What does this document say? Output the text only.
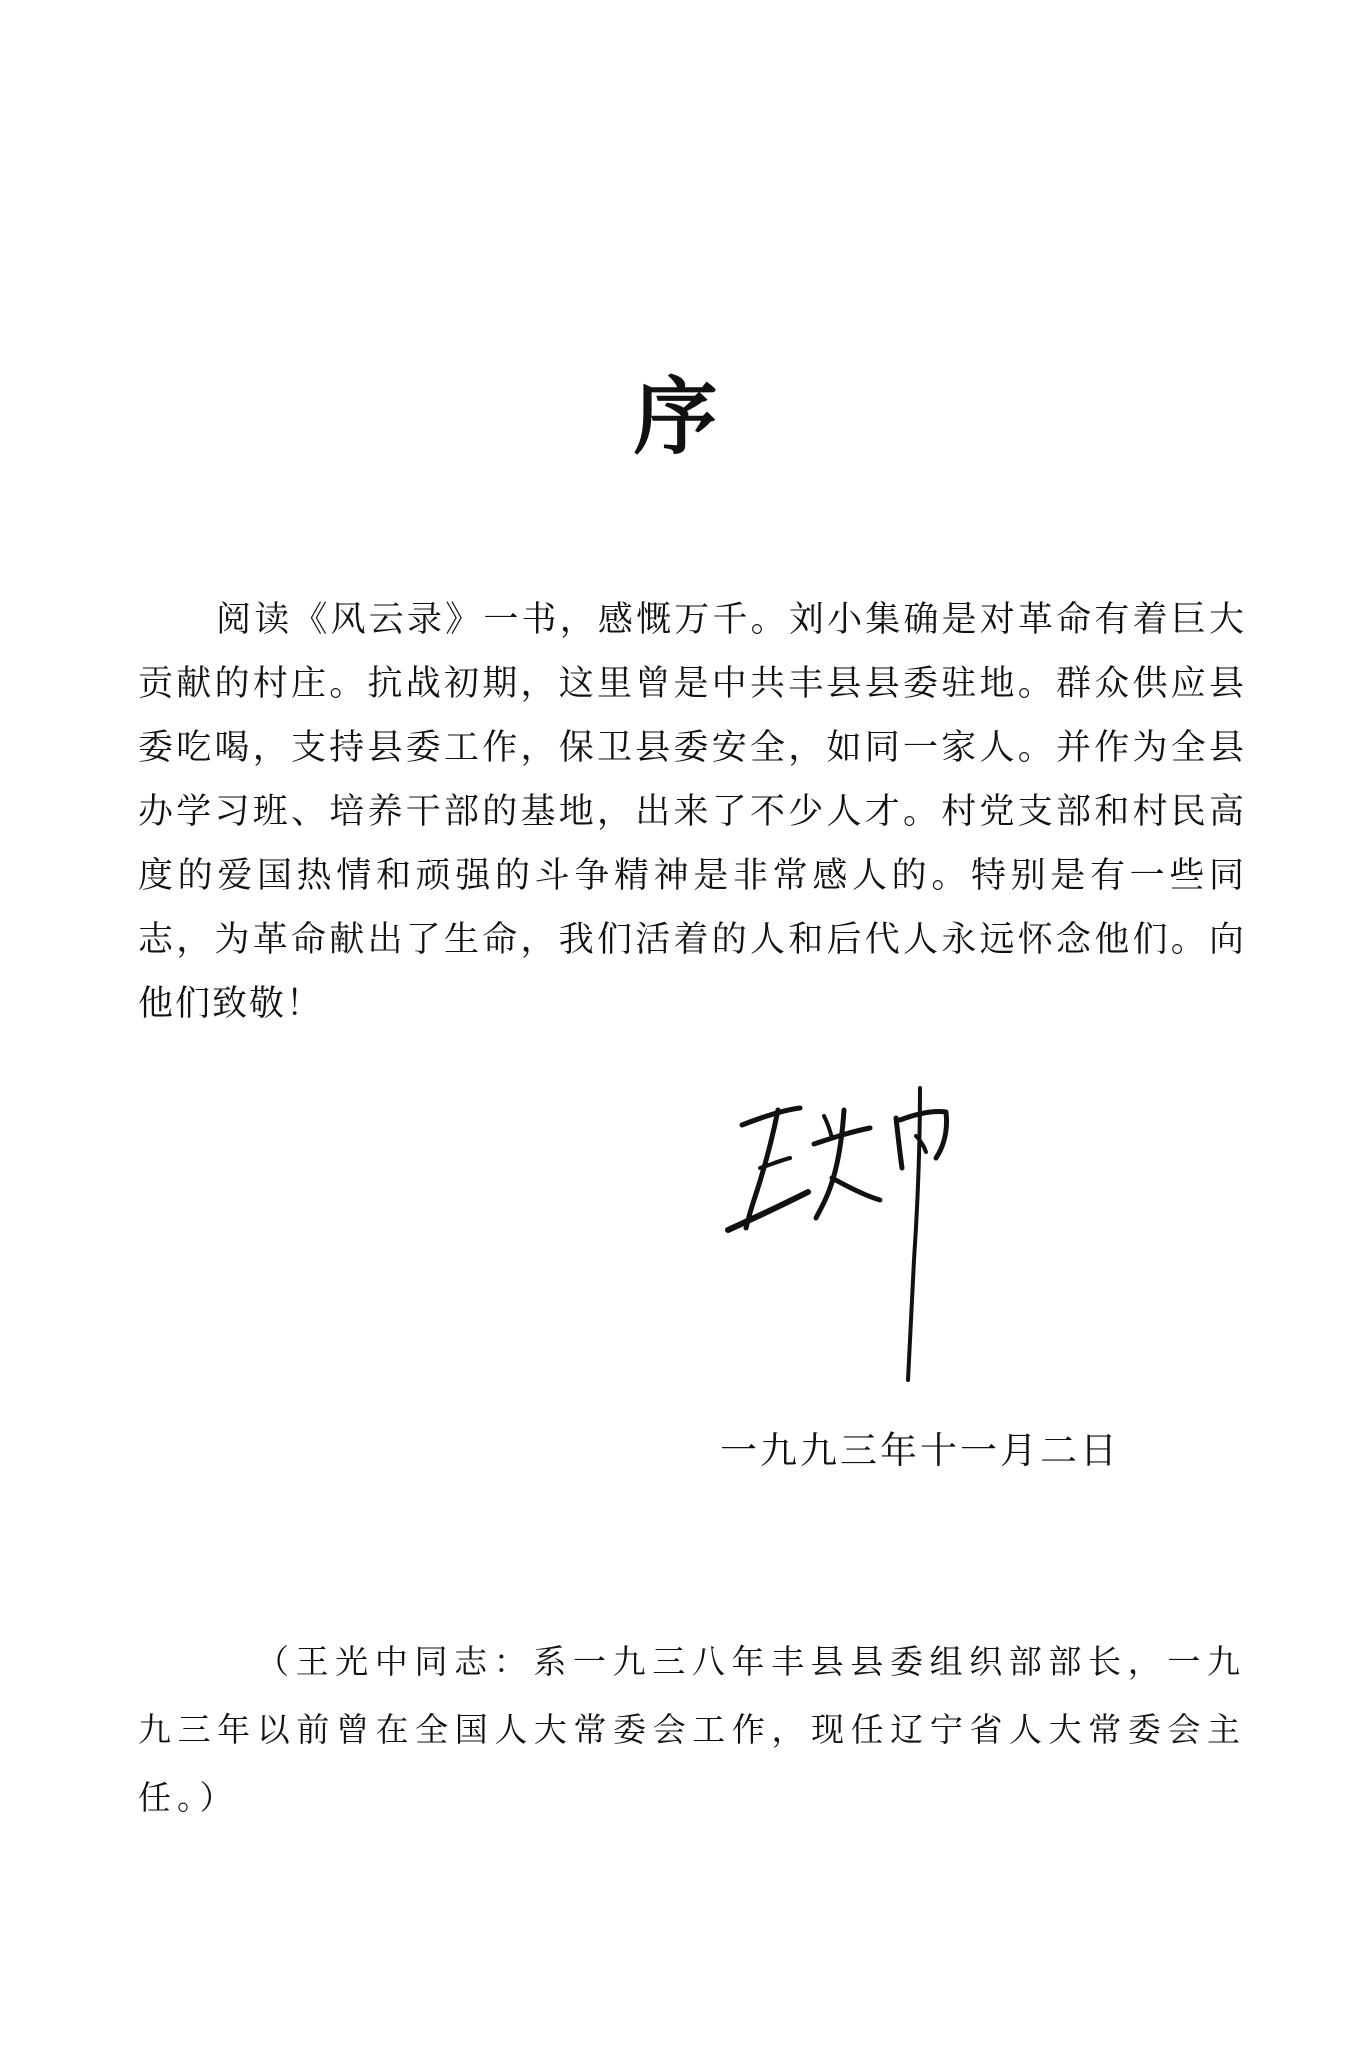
序

阅读《风云录》一书，感慨万千。刘小集确是对革命有着巨大贡献的村庄。抗战初期，这里曾是中共丰县县委驻地。群众供应县委吃喝，支持县委工作，保卫县委安全，如同一家人。并作为全县办学习班、培养干部的基地，出来了不少人才。村党支部和村民高度的爱国热情和顽强的斗争精神是非常感人的。特别是有一些同志，为革命献出了生命，我们活着的人和后代人永远怀念他们。向他们致敬！

一九九三年十一月二日

（王光中同志：系一九三八年丰县县委组织部部长，一九九三年以前曾在全国人大常委会工作，现任辽宁省人大常委会主任。）
